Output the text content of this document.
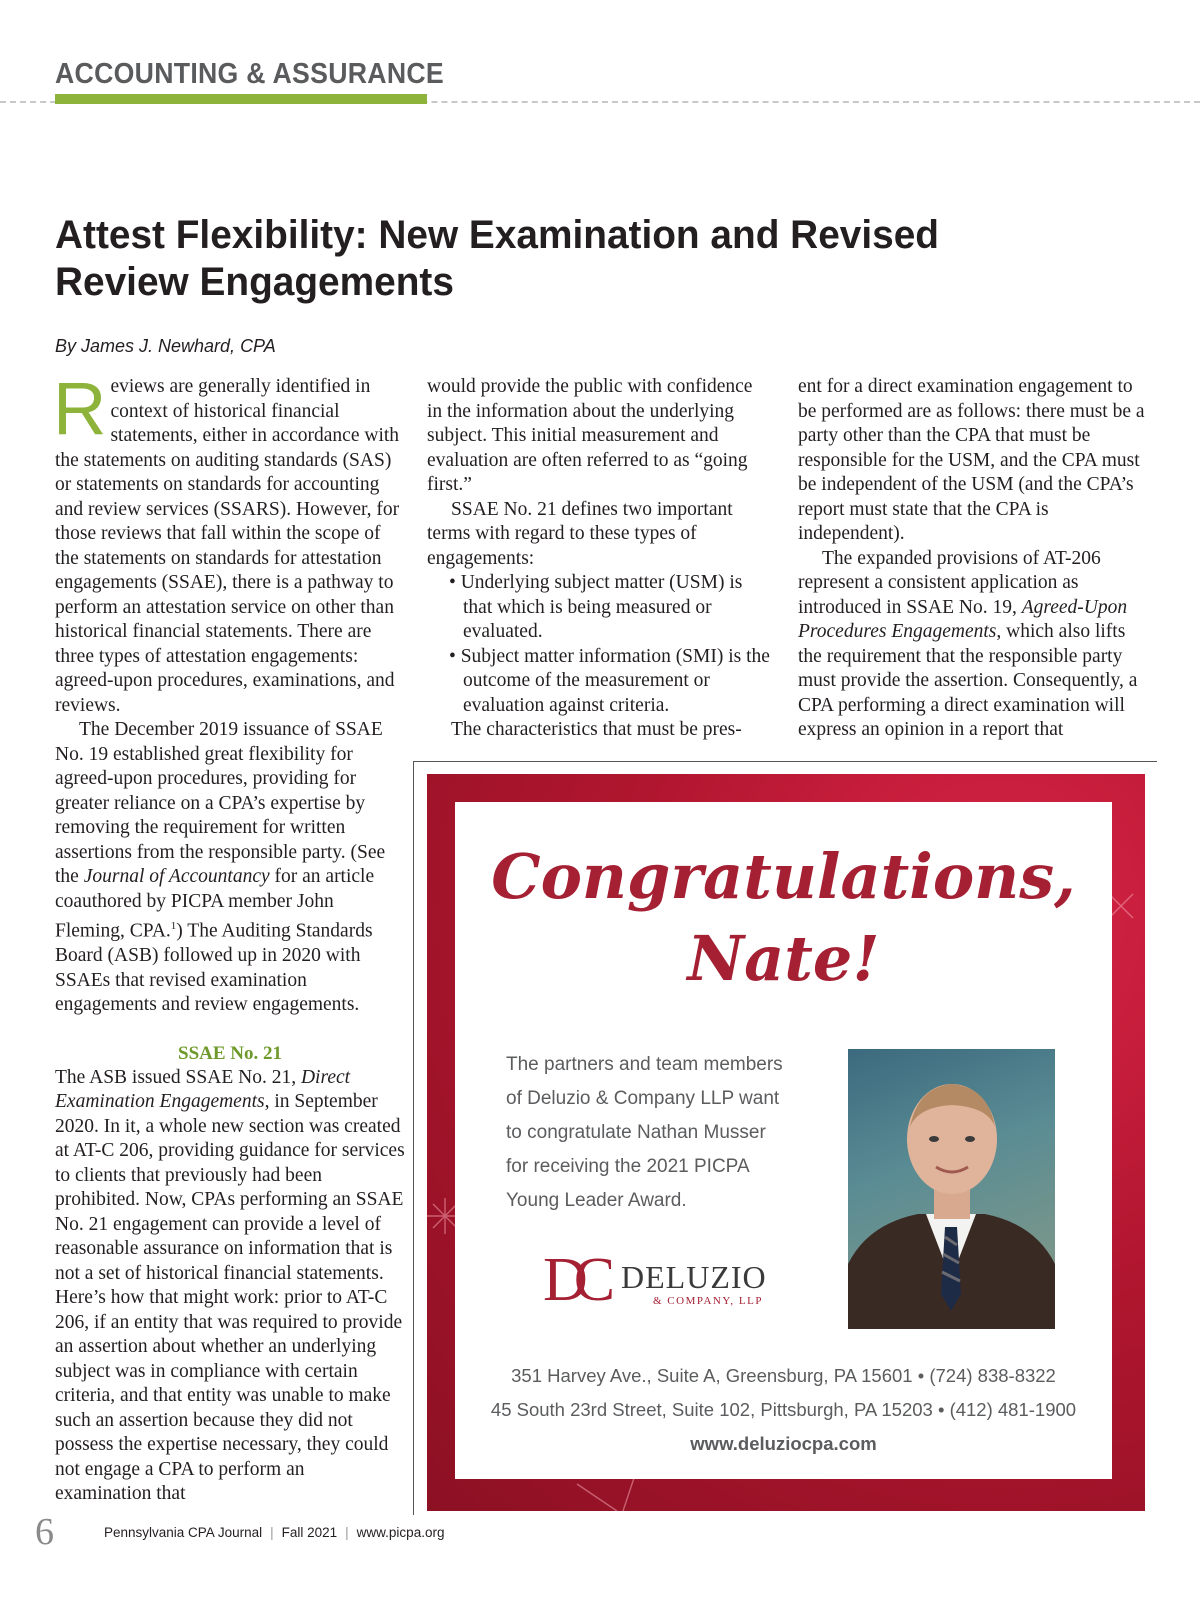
ACCOUNTING & ASSURANCE
Attest Flexibility: New Examination and Revised Review Engagements
By James J. Newhard, CPA

Reviews are generally identified in context of historical financial statements, either in accordance with the statements on auditing standards (SAS) or statements on standards for accounting and review services (SSARS). However, for those reviews that fall within the scope of the statements on standards for attestation engagements (SSAE), there is a pathway to perform an attestation service on other than historical financial statements. There are three types of attestation engagements: agreed-upon procedures, examinations, and reviews.

The December 2019 issuance of SSAE No. 19 established great flexibility for agreed-upon procedures, providing for greater reliance on a CPA’s expertise by removing the requirement for written assertions from the responsible party. (See the Journal of Accountancy for an article coauthored by PICPA member John Fleming, CPA.$^1$) The Auditing Standards Board (ASB) followed up in 2020 with SSAEs that revised examination engagements and review engagements.

SSAE No. 21

The ASB issued SSAE No. 21, Direct Examination Engagements, in September 2020. In it, a whole new section was created at AT-C 206, providing guidance for services to clients that previously had been prohibited. Now, CPAs performing an SSAE No. 21 engagement can provide a level of reasonable assurance on information that is not a set of historical financial statements. Here’s how that might work: prior to AT-C 206, if an entity that was required to provide an assertion about whether an underlying subject was in compliance with certain criteria, and that entity was unable to make such an assertion because they did not possess the expertise necessary, they could not engage a CPA to perform an examination that

would provide the public with confidence in the information about the underlying subject. This initial measurement and evaluation are often referred to as “going first.”

SSAE No. 21 defines two important terms with regard to these types of engagements:

• Underlying subject matter (USM) is that which is being measured or evaluated.

• Subject matter information (SMI) is the outcome of the measurement or evaluation against criteria.

The characteristics that must be pres-

ent for a direct examination engagement to be performed are as follows: there must be a party other than the CPA that must be responsible for the USM, and the CPA must be independent of the USM (and the CPA’s report must state that the CPA is independent).

The expanded provisions of AT-206 represent a consistent application as introduced in SSAE No. 19, Agreed-Upon Procedures Engagements, which also lifts the requirement that the responsible party must provide the assertion. Consequently, a CPA performing a direct examination will express an opinion in a report that

Congratulations,
Nate!
The partners and team members
of Deluzio & Company LLP want
to congratulate Nathan Musser
for receiving the 2021 PICPA
Young Leader Award.
DC DELUZIO
& COMPANY, LLP
351 Harvey Ave., Suite A, Greensburg, PA 15601 • (724) 838-8322
45 South 23rd Street, Suite 102, Pittsburgh, PA 15203 • (412) 481-1900
www.deluziocpa.com
6	Pennsylvania CPA Journal | Fall 2021 | www.picpa.org
